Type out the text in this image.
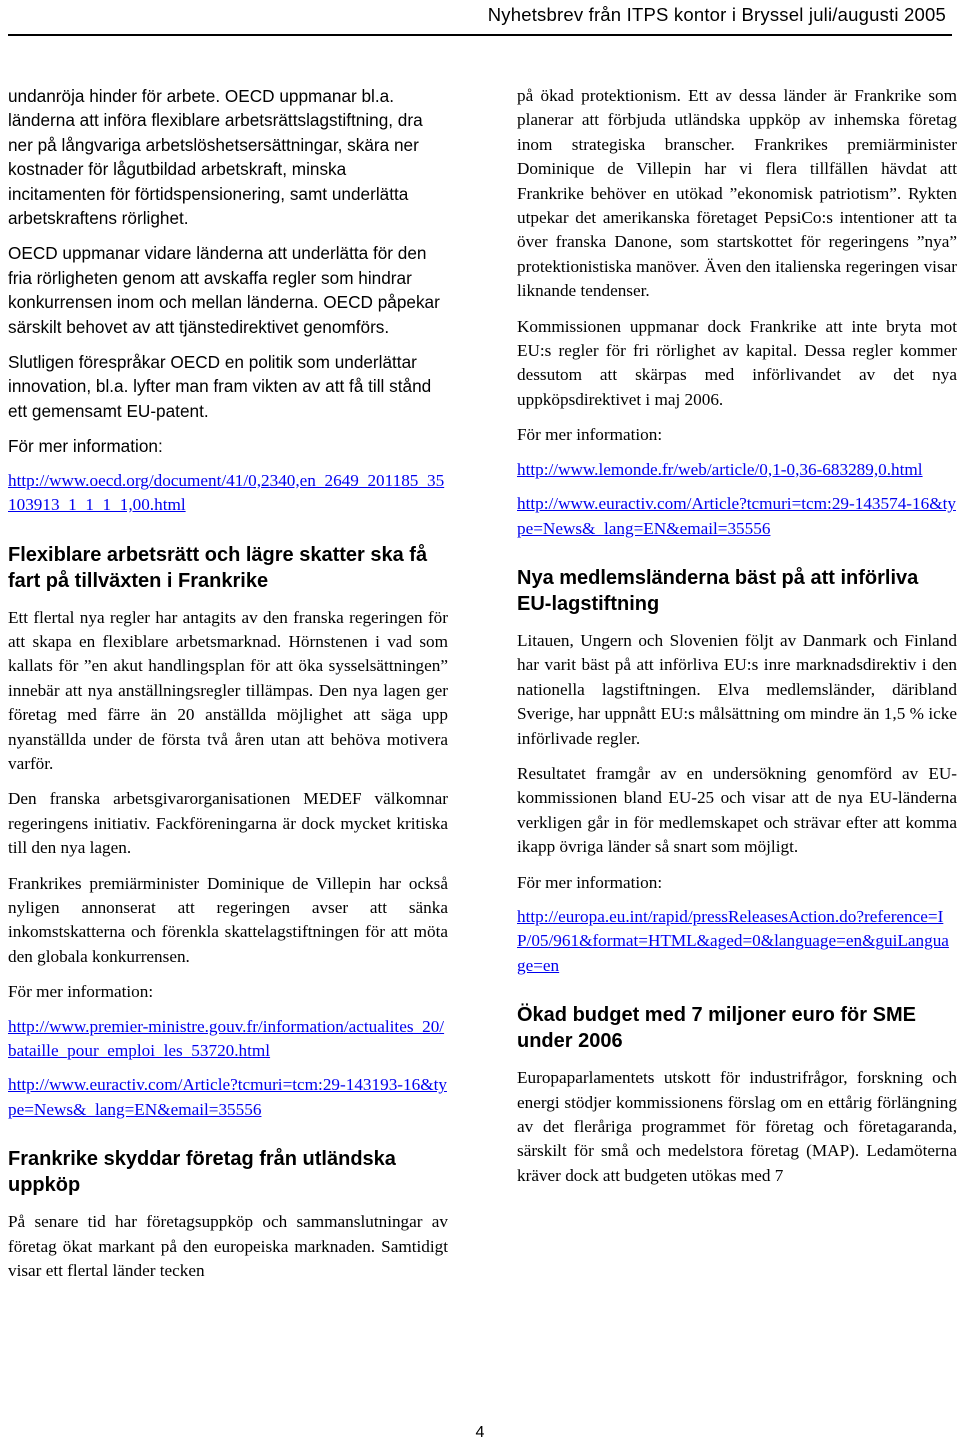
Nyhetsbrev från ITPS kontor i Bryssel juli/augusti 2005

undanröja hinder för arbete. OECD uppmanar bl.a. länderna att införa flexiblare arbetsrättslagstiftning, dra ner på långvariga arbetslöshetsersättningar, skära ner kostnader för lågutbildad arbetskraft, minska incitamenten för förtidspensionering, samt underlätta arbetskraftens rörlighet.

OECD uppmanar vidare länderna att underlätta för den fria rörligheten genom att avskaffa regler som hindrar konkurrensen inom och mellan länderna. OECD påpekar särskilt behovet av att tjänstedirektivet genomförs.

Slutligen förespråkar OECD en politik som underlättar innovation, bl.a. lyfter man fram vikten av att få till stånd ett gemensamt EU-patent.

För mer information:

http://www.oecd.org/document/41/0,2340,en_2649_201185_35103913_1_1_1_1,00.html
Flexiblare arbetsrätt och lägre skatter ska få fart på tillväxten i Frankrike

Ett flertal nya regler har antagits av den franska regeringen för att skapa en flexiblare arbetsmarknad. Hörnstenen i vad som kallats för ”en akut handlingsplan för att öka sysselsättningen” innebär att nya anställningsregler tillämpas. Den nya lagen ger företag med färre än 20 anställda möjlighet att säga upp nyanställda under de första två åren utan att behöva motivera varför.

Den franska arbetsgivarorganisationen MEDEF välkomnar regeringens initiativ. Fackföreningarna är dock mycket kritiska till den nya lagen.

Frankrikes premiärminister Dominique de Villepin har också nyligen annonserat att regeringen avser att sänka inkomstskatterna och förenkla skattelagstiftningen för att möta den globala konkurrensen.

För mer information:

http://www.premier-ministre.gouv.fr/information/actualites_20/bataille_pour_emploi_les_53720.html
http://www.euractiv.com/Article?tcmuri=tcm:29-143193-16&type=News&_lang=EN&email=35556
Frankrike skyddar företag från utländska uppköp

På senare tid har företagsuppköp och sammanslutningar av företag ökat markant på den europeiska marknaden. Samtidigt visar ett flertal länder tecken

på ökad protektionism. Ett av dessa länder är Frankrike som planerar att förbjuda utländska uppköp av inhemska företag inom strategiska branscher. Frankrikes premiärminister Dominique de Villepin har vi flera tillfällen hävdat att Frankrike behöver en utökad ”ekonomisk patriotism”. Rykten utpekar det amerikanska företaget PepsiCo:s intentioner att ta över franska Danone, som startskottet för regeringens ”nya” protektionistiska manöver. Även den italienska regeringen visar liknande tendenser.

Kommissionen uppmanar dock Frankrike att inte bryta mot EU:s regler för fri rörlighet av kapital. Dessa regler kommer dessutom att skärpas med införlivandet av det nya uppköpsdirektivet i maj 2006.

För mer information:

http://www.lemonde.fr/web/article/0,1-0,36-683289,0.html
http://www.euractiv.com/Article?tcmuri=tcm:29-143574-16&type=News&_lang=EN&email=35556
Nya medlemsländerna bäst på att införliva EU-lagstiftning

Litauen, Ungern och Slovenien följt av Danmark och Finland har varit bäst på att införliva EU:s inre marknadsdirektiv i den nationella lagstiftningen. Elva medlemsländer, däribland Sverige, har uppnått EU:s målsättning om mindre än 1,5 % icke införlivade regler.

Resultatet framgår av en undersökning genomförd av EU-kommissionen bland EU-25 och visar att de nya EU-länderna verkligen går in för medlemskapet och strävar efter att komma ikapp övriga länder så snart som möjligt.

För mer information:

http://europa.eu.int/rapid/pressReleasesAction.do?reference=IP/05/961&format=HTML&aged=0&language=en&guiLanguage=en
Ökad budget med 7 miljoner euro för SME under 2006

Europaparlamentets utskott för industrifrågor, forskning och energi stödjer kommissionens förslag om en ettårig förlängning av det fleråriga programmet för företag och företagaranda, särskilt för små och medelstora företag (MAP). Ledamöterna kräver dock att budgeten utökas med 7

4
